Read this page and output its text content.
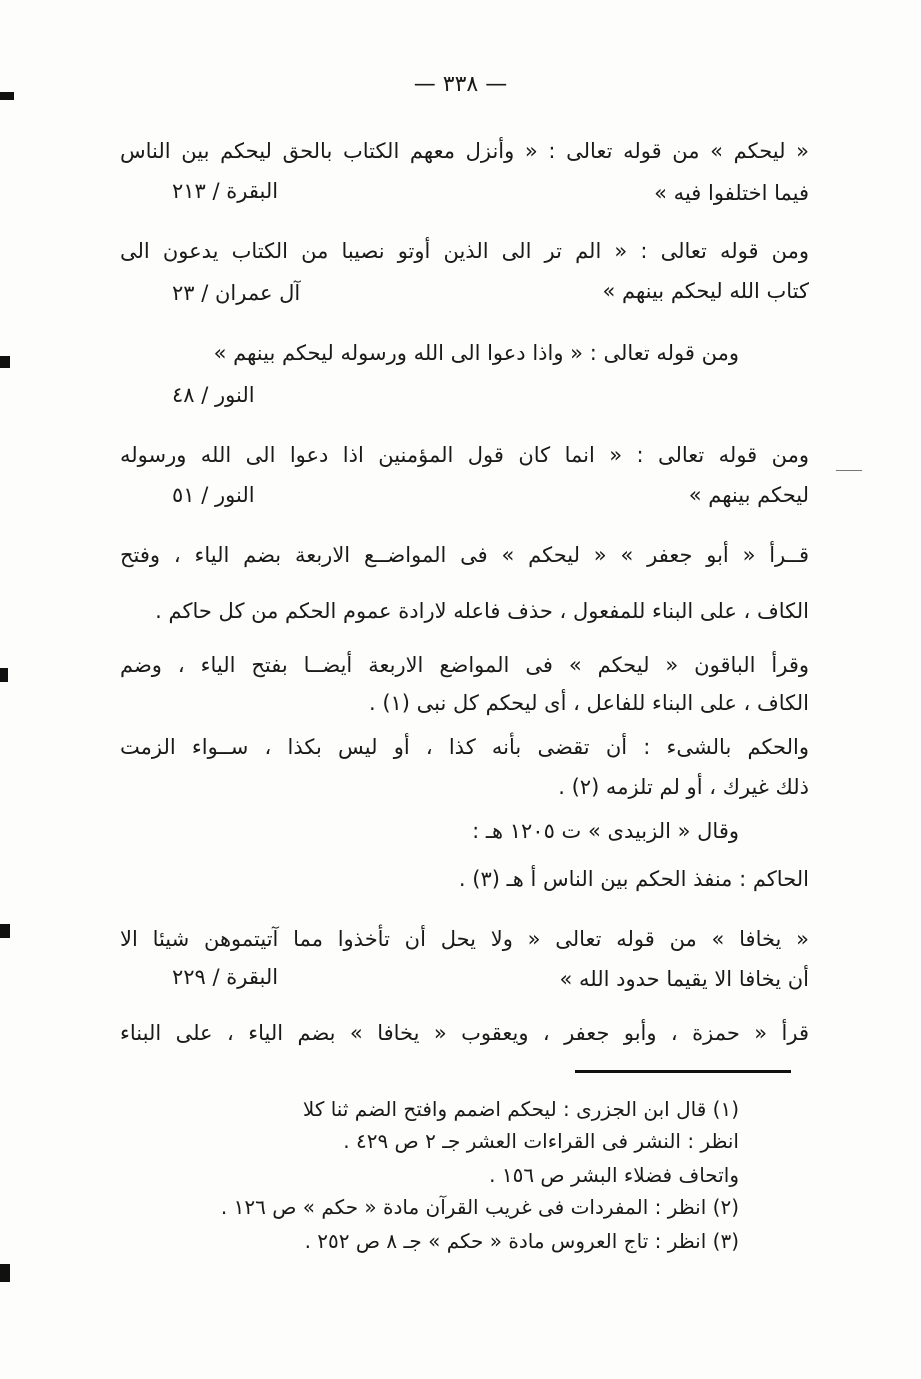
— ٣٣٨ —
« ليحكم » من قوله تعالى : « وأنزل معهم الكتاب بالحق ليحكم بين الناس
فيما اختلفوا فيه »
البقرة / ٢١٣
ومن قوله تعالى : « الم تر الى الذين أوتو نصيبا من الكتاب يدعون الى
كتاب الله ليحكم بينهم »
آل عمران / ٢٣
ومن قوله تعالى : « واذا دعوا الى الله ورسوله ليحكم بينهم »
النور / ٤٨
ومن قوله تعالى : « انما كان قول المؤمنين اذا دعوا الى الله ورسوله
ليحكم بينهم »
النور / ٥١
قــرأ « أبو جعفر » « ليحكم » فى المواضــع الاربعة بضم الياء ، وفتح
الكاف ، على البناء للمفعول ، حذف فاعله لارادة عموم الحكم من كل حاكم .
وقرأ الباقون « ليحكم » فى المواضع الاربعة أيضــا بفتح الياء ، وضم
الكاف ، على البناء للفاعل ، أى ليحكم كل نبى (١) .
والحكم بالشىء : أن تقضى بأنه كذا ، أو ليس بكذا ، ســواء الزمت
ذلك غيرك ، أو لم تلزمه (٢) .
وقال « الزبيدى » ت ١٢٠٥ هـ :
الحاكم : منفذ الحكم بين الناس أ هـ (٣) .
« يخافا » من قوله تعالى « ولا يحل أن تأخذوا مما آتيتموهن شيئا الا
أن يخافا الا يقيما حدود الله »
البقرة / ٢٢٩
قرأ « حمزة ، وأبو جعفر ، ويعقوب « يخافا » بضم الياء ، على البناء
(١) قال ابن الجزرى : ليحكم اضمم وافتح الضم ثنا كلا
انظر : النشر فى القراءات العشر جـ ٢ ص ٤٢٩ .
واتحاف فضلاء البشر ص ١٥٦ .
(٢) انظر : المفردات فى غريب القرآن مادة « حكم » ص ١٢٦ .
(٣) انظر : تاج العروس مادة « حكم » جـ ٨ ص ٢٥٢ .
